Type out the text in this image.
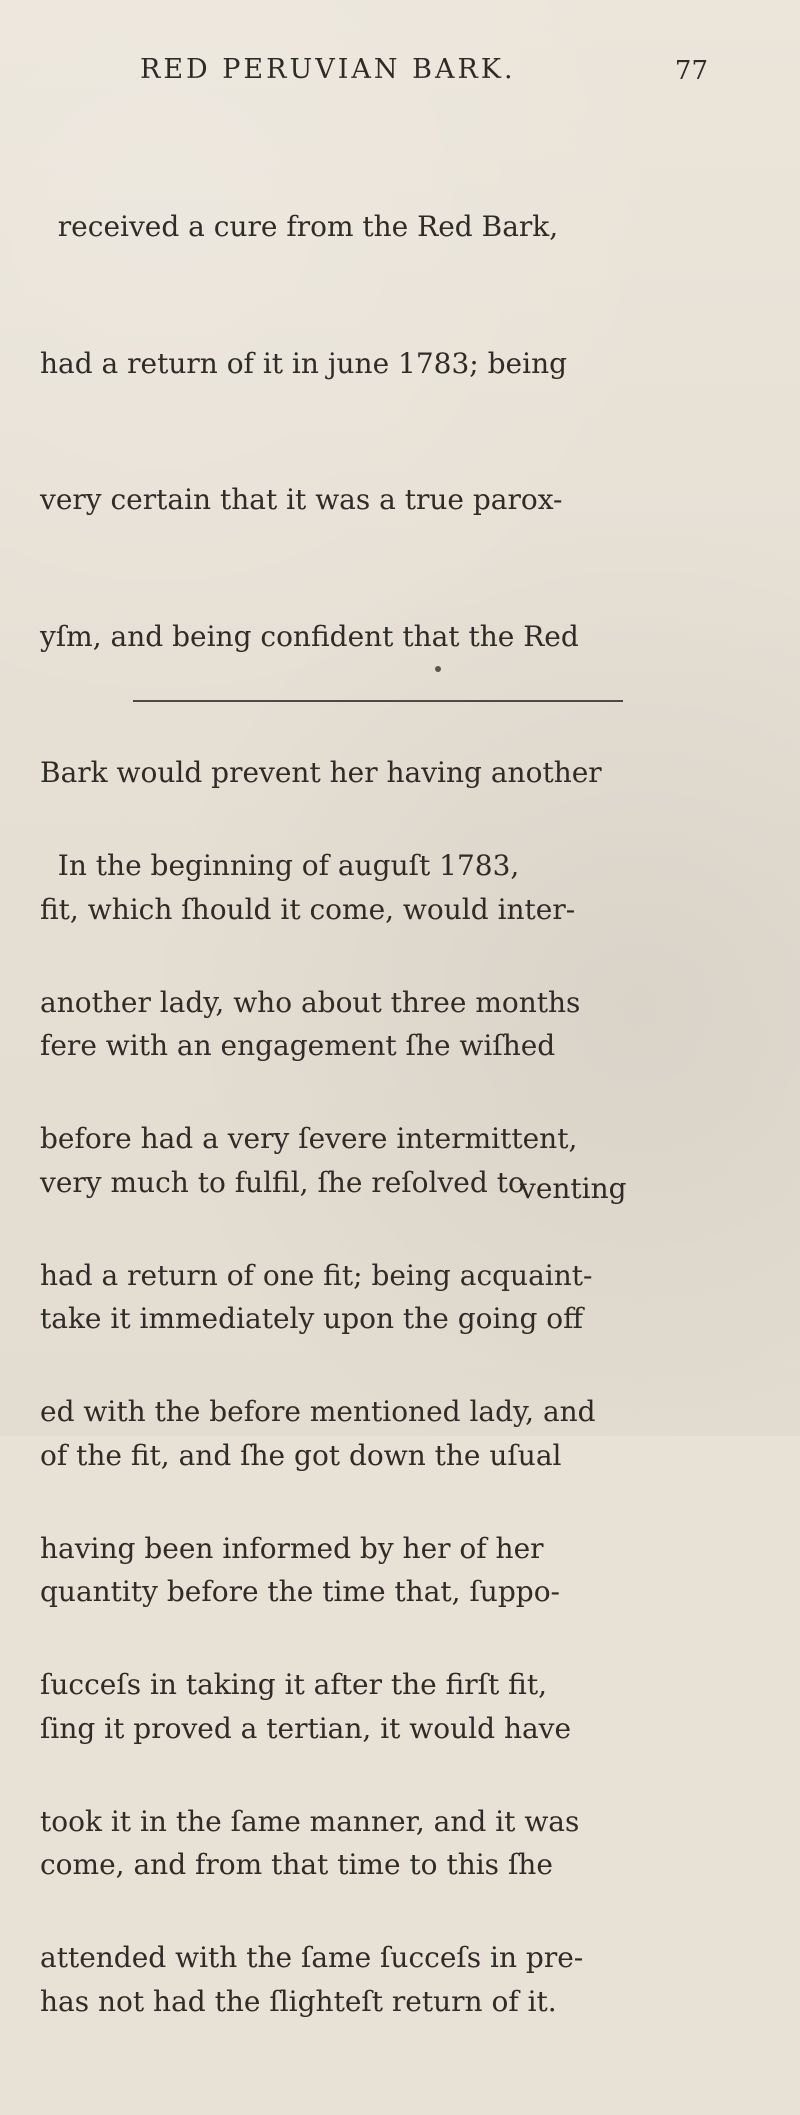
RED PERUVIAN BARK.	77

received a cure from the Red Bark,

had a return of it in june 1783; being

very certain that it was a true parox-

yſm, and being confident that the Red

Bark would prevent her having another

fit, which ſhould it come, would inter-

fere with an engagement ſhe wiſhed

very much to fulfil, ſhe reſolved to

take it immediately upon the going off

of the fit, and ſhe got down the uſual

quantity before the time that, ſuppo-

ſing it proved a tertian, it would have

come, and from that time to this ſhe

has not had the ſlighteſt return of it.

In the beginning of auguſt 1783,

another lady, who about three months

before had a very ſevere intermittent,

had a return of one fit; being acquaint-

ed with the before mentioned lady, and

having been informed by her of her

ſucceſs in taking it after the firſt fit,

took it in the ſame manner, and it was

attended with the ſame ſucceſs in pre-

venting
